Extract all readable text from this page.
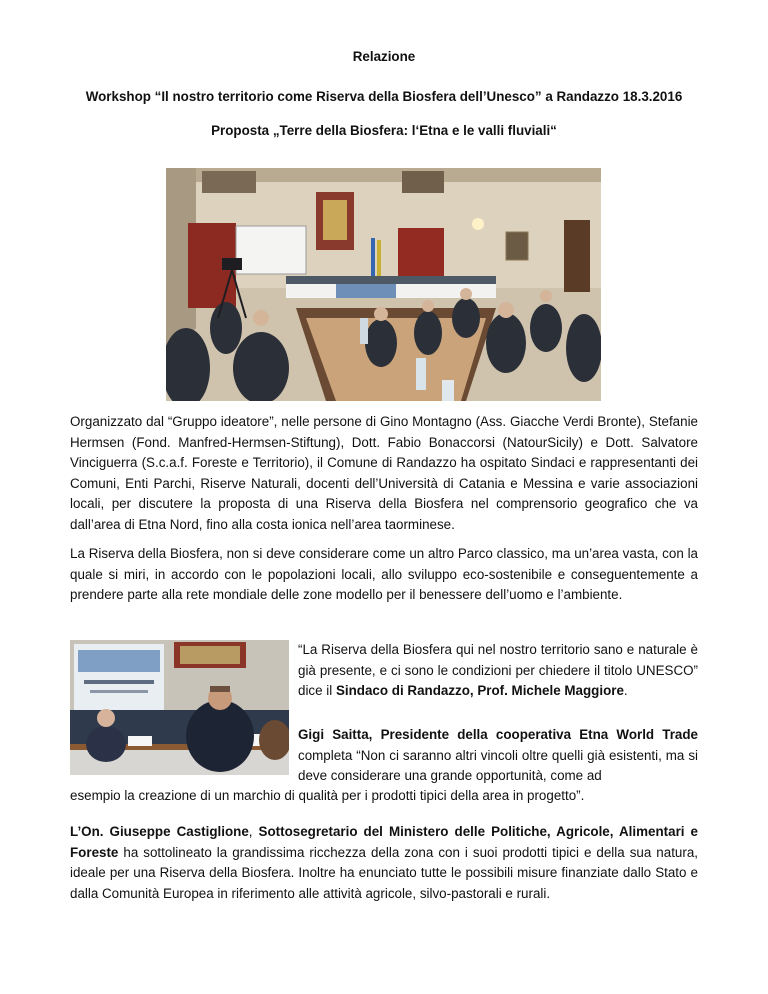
Relazione
Workshop “Il nostro territorio come Riserva della Biosfera dell’Unesco” a Randazzo 18.3.2016
Proposta „Terre della Biosfera: l‘Etna e le valli fluviali“

Organizzato dal “Gruppo ideatore”, nelle persone di Gino Montagno (Ass. Giacche Verdi Bronte), Stefanie Hermsen (Fond. Manfred-Hermsen-Stiftung), Dott. Fabio Bonaccorsi (NatourSicily) e Dott. Salvatore Vinciguerra (S.c.a.f. Foreste e Territorio), il Comune di Randazzo ha ospitato Sindaci e rappresentanti dei Comuni, Enti Parchi, Riserve Naturali, docenti dell’Università di Catania e Messina e varie associazioni locali, per discutere la proposta di una Riserva della Biosfera nel comprensorio geografico che va dall’area di Etna Nord, fino alla costa ionica nell’area taorminese.

La Riserva della Biosfera, non si deve considerare come un altro Parco classico, ma un’area vasta, con la quale si miri, in accordo con le popolazioni locali, allo sviluppo eco-sostenibile e conseguentemente a prendere parte alla rete mondiale delle zone modello per il benessere dell’uomo e l’ambiente.

“La Riserva della Biosfera qui nel nostro territorio sano e naturale è già presente, e ci sono le condizioni per chiedere il titolo UNESCO” dice il Sindaco di Randazzo, Prof. Michele Maggiore.

Gigi Saitta, Presidente della cooperativa Etna World Trade completa “Non ci saranno altri vincoli oltre quelli già esistenti, ma si deve considerare una grande opportunità, come ad

esempio la creazione di un marchio di qualità per i prodotti tipici della area in progetto”.

L’On. Giuseppe Castiglione, Sottosegretario del Ministero delle Politiche, Agricole, Alimentari e Foreste ha sottolineato la grandissima ricchezza della zona con i suoi prodotti tipici e della sua natura, ideale per una Riserva della Biosfera. Inoltre ha enunciato tutte le possibili misure finanziate dallo Stato e dalla Comunità Europea in riferimento alle attività agricole, silvo-pastorali e rurali.
